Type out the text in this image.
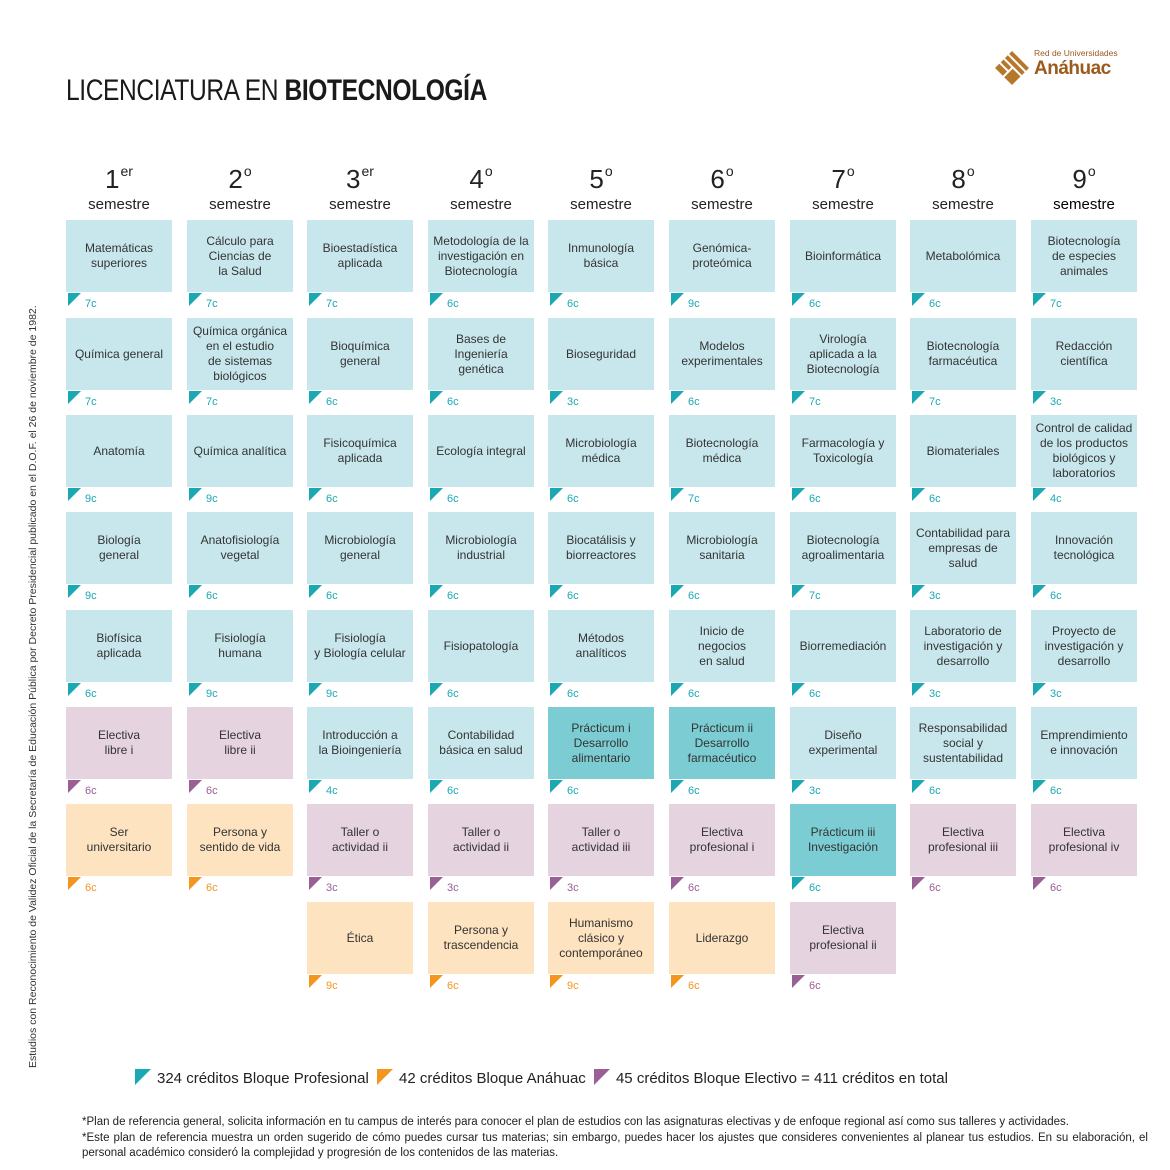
LICENCIATURA EN BIOTECNOLOGÍA
Red de Universidades
Anáhuac
Estudios con Reconocimiento de Validez Oficial de la Secretaría de Educación Pública por Decreto Presidencial publicado en el D.O.F. el 26 de noviembre de 1982.
1er
semestre
2$^o$
semestre
3er
semestre
4$^o$
semestre
5$^o$
semestre
6$^o$
semestre
7$^o$
semestre
8$^o$
semestre
9$^o$
semestre
Matemáticas
superiores
7c
Química general
7c
Anatomía
9c
Biología
general
9c
Biofísica
aplicada
6c
Electiva
libre i
6c
Ser
universitario
6c
Cálculo para
Ciencias de
la Salud
7c
Química orgánica
en el estudio
de sistemas
biológicos
7c
Química analítica
9c
Anatofisiología
vegetal
6c
Fisiología
humana
9c
Electiva
libre ii
6c
Persona y
sentido de vida
6c
Bioestadística
aplicada
7c
Bioquímica
general
6c
Fisicoquímica
aplicada
6c
Microbiología
general
6c
Fisiología
y Biología celular
9c
Introducción a
la Bioingeniería
4c
Taller o
actividad ii
3c
Ética
9c
Metodología de la
investigación en
Biotecnología
6c
Bases de
Ingeniería
genética
6c
Ecología integral
6c
Microbiología
industrial
6c
Fisiopatología
6c
Contabilidad
básica en salud
6c
Taller o
actividad ii
3c
Persona y
trascendencia
6c
Inmunología
básica
6c
Bioseguridad
3c
Microbiología
médica
6c
Biocatálisis y
biorreactores
6c
Métodos
analíticos
6c
Prácticum i
Desarrollo
alimentario
6c
Taller o
actividad iii
3c
Humanismo
clásico y
contemporáneo
9c
Genómica-
proteómica
9c
Modelos
experimentales
6c
Biotecnología
médica
7c
Microbiología
sanitaria
6c
Inicio de
negocios
en salud
6c
Prácticum ii
Desarrollo
farmacéutico
6c
Electiva
profesional i
6c
Liderazgo
6c
Bioinformática
6c
Virología
aplicada a la
Biotecnología
7c
Farmacología y
Toxicología
6c
Biotecnología
agroalimentaria
7c
Biorremediación
6c
Diseño
experimental
3c
Prácticum iii
Investigación
6c
Electiva
profesional ii
6c
Metabolómica
6c
Biotecnología
farmacéutica
7c
Biomateriales
6c
Contabilidad para
empresas de salud
3c
Laboratorio de
investigación y
desarrollo
3c
Responsabilidad
social y
sustentabilidad
6c
Electiva
profesional iii
6c
Biotecnología
de especies
animales
7c
Redacción
científica
3c
Control de calidad
de los productos
biológicos y
laboratorios
4c
Innovación
tecnológica
6c
Proyecto de
investigación y
desarrollo
3c
Emprendimiento
e innovación
6c
Electiva
profesional iv
6c
324 créditos Bloque Profesional 42 créditos Bloque Anáhuac 45 créditos Bloque Electivo = 411 créditos en total
*Plan de referencia general, solicita información en tu campus de interés para conocer el plan de estudios con las asignaturas electivas y de enfoque regional así como sus talleres y actividades.
*Este plan de referencia muestra un orden sugerido de cómo puedes cursar tus materias; sin embargo, puedes hacer los ajustes que consideres convenientes al planear tus estudios. En su elaboración, el personal académico consideró la complejidad y progresión de los contenidos de las materias.
